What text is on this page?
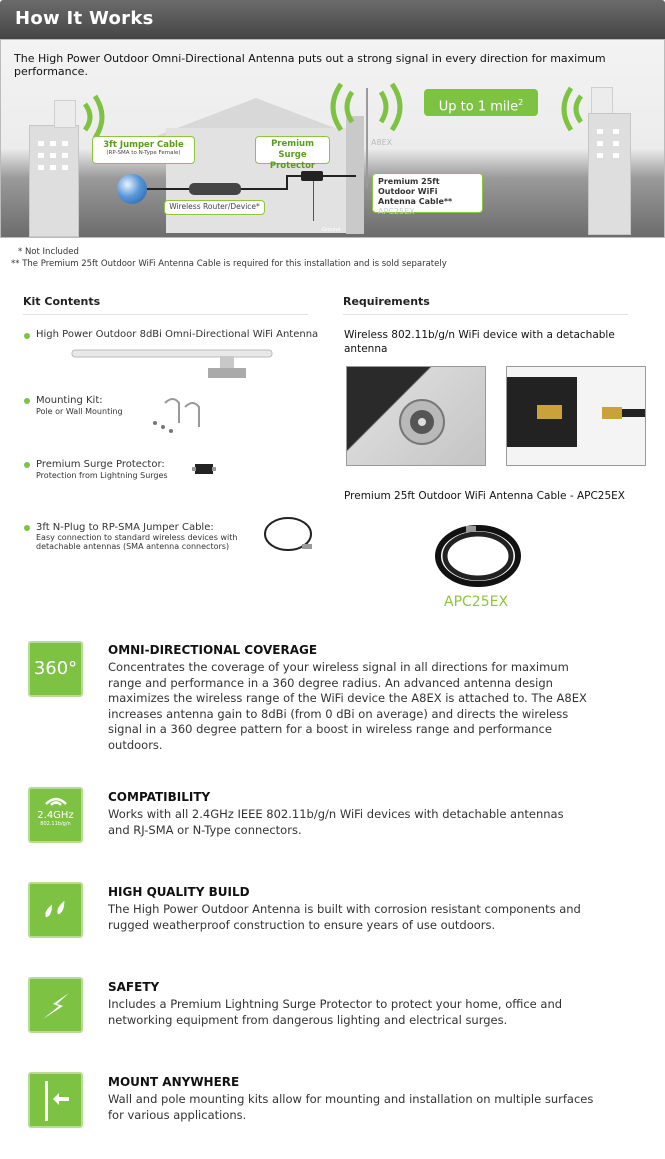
How It Works
The High Power Outdoor Omni-Directional Antenna puts out a strong signal in every direction for maximum performance.
Up to 1 mile$^2$
3ft Jumper Cable
(RP-SMA to N-Type Female)
Premium Surge Protector
Premium 25ft Outdoor WiFi Antenna Cable**
APC25EX
Wireless Router/Device*
A8EX
Ground
* Not Included
** The Premium 25ft Outdoor WiFi Antenna Cable is required for this installation and is sold separately
Kit Contents
High Power Outdoor 8dBi Omni-Directional WiFi Antenna
Mounting Kit:
Pole or Wall Mounting
Premium Surge Protector:
Protection from Lightning Surges
3ft N-Plug to RP-SMA Jumper Cable:
Easy connection to standard wireless devices with detachable antennas (SMA antenna connectors)
Requirements
Wireless 802.11b/g/n WiFi device with a detachable antenna
Premium 25ft Outdoor WiFi Antenna Cable - APC25EX
APC25EX
360°
OMNI-DIRECTIONAL COVERAGE
Concentrates the coverage of your wireless signal in all directions for maximum range and performance in a 360 degree radius. An advanced antenna design maximizes the wireless range of the WiFi device the A8EX is attached to. The A8EX increases antenna gain to 8dBi (from 0 dBi on average) and directs the wireless signal in a 360 degree pattern for a boost in wireless range and performance outdoors.
2.4GHz
802.11b/g/n
COMPATIBILITY
Works with all 2.4GHz IEEE 802.11b/g/n WiFi devices with detachable antennas and RJ-SMA or N-Type connectors.
HIGH QUALITY BUILD
The High Power Outdoor Antenna is built with corrosion resistant components and rugged weatherproof construction to ensure years of use outdoors.
SAFETY
Includes a Premium Lightning Surge Protector to protect your home, office and networking equipment from dangerous lighting and electrical surges.
MOUNT ANYWHERE
Wall and pole mounting kits allow for mounting and installation on multiple surfaces for various applications.
